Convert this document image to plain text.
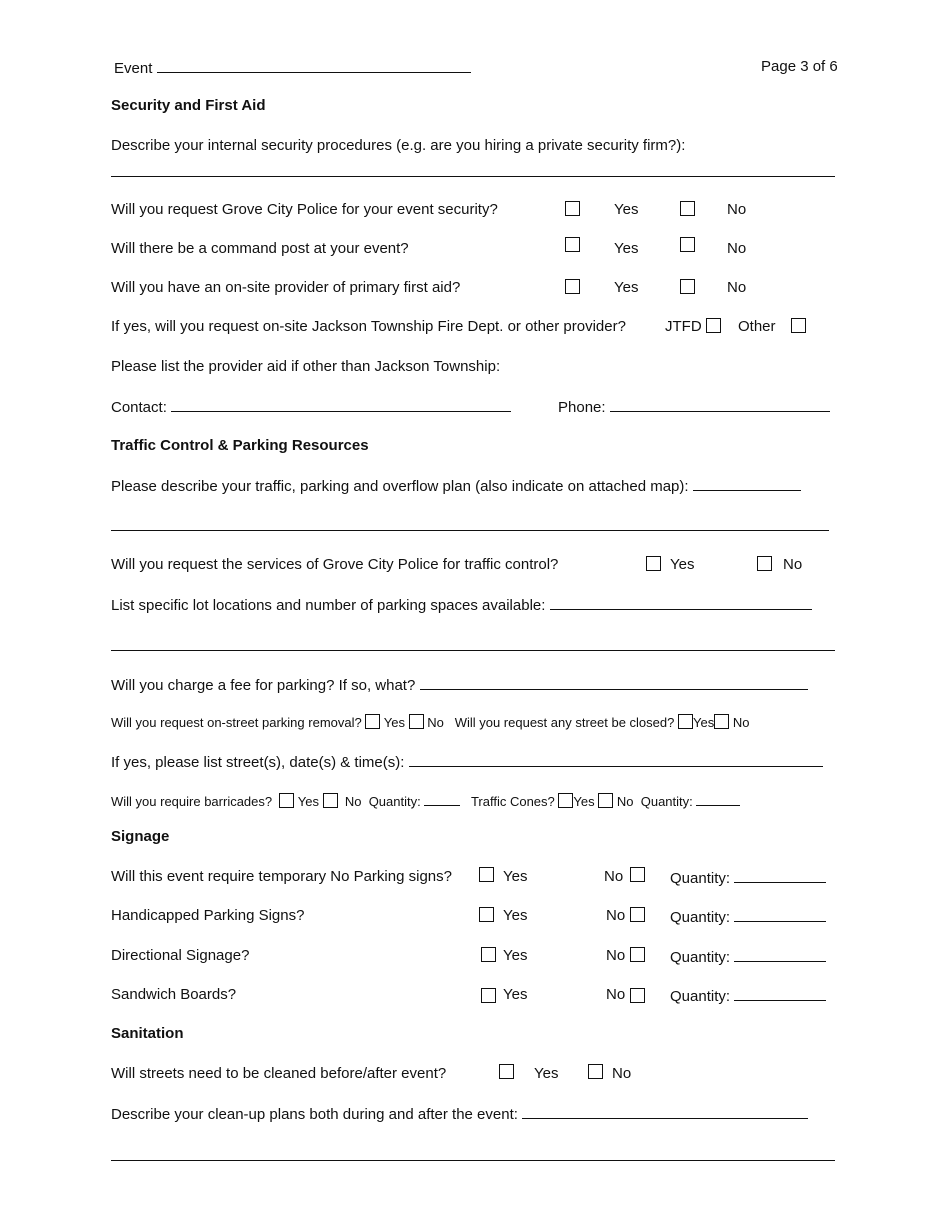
Event	Page 3 of 6
Security and First Aid
Describe your internal security procedures (e.g. are you hiring a private security firm?):
Will you request Grove City Police for your event security?	Yes	No
Will there be a command post at your event?	Yes	No
Will you have an on-site provider of primary first aid?	Yes	No
If yes, will you request on-site Jackson Township Fire Dept. or other provider?	JTFD Other
Please list the provider aid if other than Jackson Township:
Contact:	Phone:
Traffic Control & Parking Resources
Please describe your traffic, parking and overflow plan (also indicate on attached map):
Will you request the services of Grove City Police for traffic control?	Yes	No
List specific lot locations and number of parking spaces available:
Will you charge a fee for parking? If so, what?
Will you request on-street parking removal? Yes No Will you request any street be closed? Yes No
If yes, please list street(s), date(s) & time(s):
Will you require barricades? Yes No Quantity:	Traffic Cones? Yes No Quantity:
Signage
Will this event require temporary No Parking signs?	Yes	No	Quantity:
Handicapped Parking Signs?	Yes	No	Quantity:
Directional Signage?	Yes	No	Quantity:
Sandwich Boards?	Yes	No	Quantity:
Sanitation
Will streets need to be cleaned before/after event?	Yes	No
Describe your clean-up plans both during and after the event:
